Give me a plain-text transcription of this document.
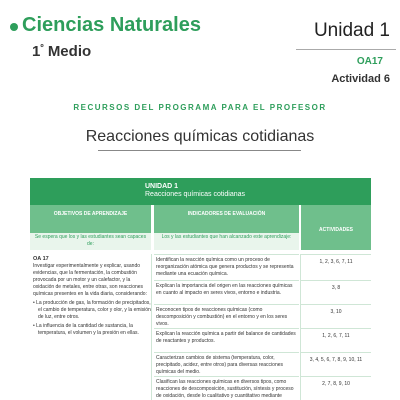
Ciencias Naturales
$1^º$ Medio
Unidad 1
OA17
Actividad 6
RECURSOS DEL PROGRAMA PARA EL PROFESOR
Reacciones químicas cotidianas
UNIDAD 1
Reacciones químicas cotidianas
OBJETIVOS DE APRENDIZAJE	INDICADORES DE EVALUACIÓN
ACTIVIDADES
Se espera que los y las estudiantes sean capaces de:
Los y las estudiantes que han alcanzado este aprendizaje:
OA 17
Investigar experimentalmente y explicar, usando evidencias, que la fermentación, la combustión provocada por un motor y un calefactor, y la oxidación de metales, entre otras, son reacciones químicas presentes en la vida diaria, considerando:
• La producción de gas, la formación de precipitados, el cambio de temperatura, color y olor, y la emisión de luz, entre otros.
• La influencia de la cantidad de sustancia, la temperatura, el volumen y la presión en ellas.
Identifican la reacción química como un proceso de reorganización atómica que genera productos y se representa mediante una ecuación química.
1, 2, 3, 6, 7, 11
Explican la importancia del origen en las reacciones químicas en cuanto al impacto en seres vivos, entorno e industria.
3, 8
Reconocen tipos de reacciones químicas (como descomposición y combustión) en el entorno y en los seres vivos.
3, 10
Explican la reacción química a partir del balance de cantidades de reactantes y productos.
1, 2, 6, 7, 11
Caracterizan cambios de sistema (temperatura, color, precipitado, acidez, entre otros) para diversas reacciones químicas del medio.
3, 4, 5, 6, 7, 8, 9, 10, 11
Clasifican las reacciones químicas en diversos tipos, como reacciones de descomposición, sustitución, síntesis y proceso de oxidación, desde lo cualitativo y cuantitativo mediante
2, 7, 8, 9, 10
